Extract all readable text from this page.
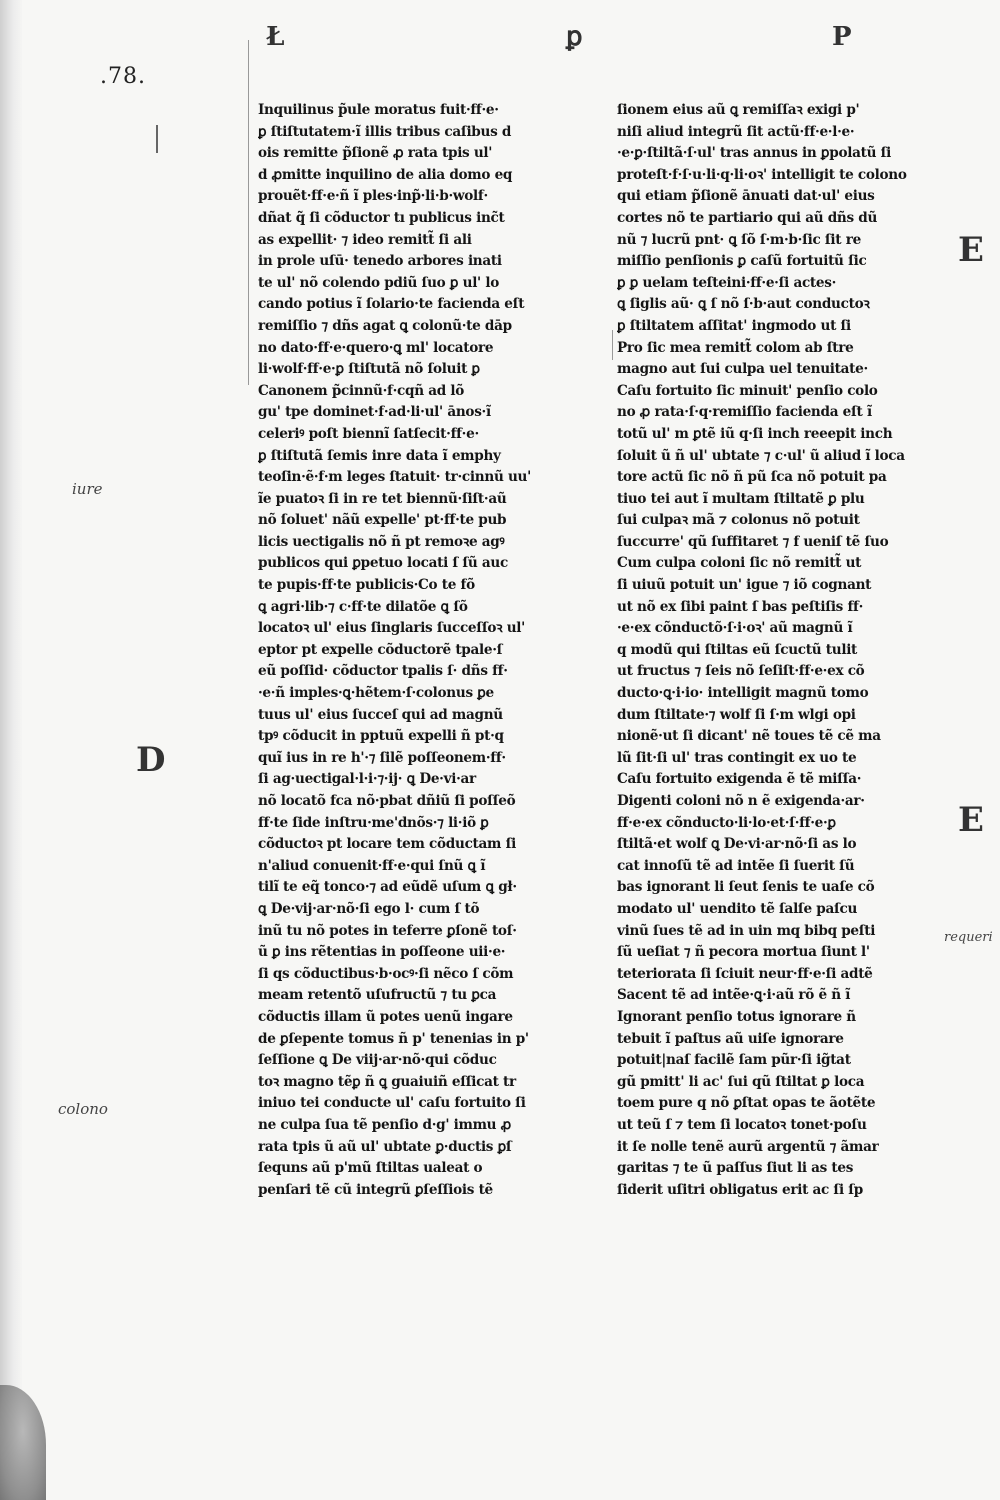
.78.
Ł	ꝑ	P
Inquilinus p̃ule moratus fuit·ff·e·
ꝑ ſtiſtutatem·ĩ illis tribus caſibus d
ois remitte p̃ſionẽ ꝓ rata tpis ul'
d ꝓmitte inquilino de alia domo eq
prouẽt·ff·e·ñ ĩ ples·inp̃·li·b·wolf·
dñat q̃ ſi cõductor tı publicus inc̃t
as expellit· ⁊ ideo remitt̃ ſi ali
in prole uſū· tenedo arbores inati
te ul' nõ colendo pdiũ ſuo ꝑ ul' lo
cando potius ĩ ſolario·te facienda eſt
remiſſio ⁊ dñs agat ꝗ colonũ·te dāp
no dato·ff·e·quero·ꝗ ml' locatore
li·wolf·ff·e·ꝑ ſtiſtutã nõ ſoluit ꝑ
Canonem p̃cinnũ·f·cqñ ad lõ
gu' tpe dominet·f·ad·li·ul' ānos·ĩ
celeriꝰ poſt biennĩ ſatſecit·ff·e·
ꝑ ſtiſtutã ſemis inre data ĩ emphy
teoſin·ẽ·f·m leges ſtatuit· tr·cinnũ uu'
ĩe puatoꝛ ſi in re tet biennũ·ſiſt·aũ
nõ ſoluet' nãũ expelle' pt·ff·te pub
licis uectigalis nõ ñ pt remoꝛe agꝰ
publicos qui ꝑpetuo locati ſ ſũ auc
te pupis·ff·te publicis·Co te fõ
ꝗ agri·lib·⁊ c·ff·te dilatõe ꝗ ſõ
locatoꝛ ul' eius ſinglaris ſucceſſoꝛ ul'
eptor pt expelle cõductorẽ tpale·ſ
eũ poſſid· cõductor tpalis ſ· dñs ff·
·e·ñ imples·ꝗ·hẽtem·ſ·colonus ꝑe
tuus ul' eius ſucceſ qui ad magnũ
tpꝰ cõducit in pptuũ expelli ñ pt·q
quĩ ius in re h'·⁊ ſilẽ poſſeonem·ff·
ſi ag·uectigal·l·i·⁊·ij· ꝗ De·vi·ar
nõ locatõ fca nõ·pbat dñiũ ſi poſſeõ
ff·te ſide inſtru·me'dnõs·⁊ li·iõ ꝑ
cõductoꝛ pt locare tem cõductam ſi
n'aliud conuenit·ff·e·qui ſnũ ꝗ ĩ
tilĩ te eq̃ tonco·⁊ ad eũdẽ uſum ꝗ gł·
ꝗ De·vij·ar·nõ·ſi ego l· cum ſ tõ
inũ tu nõ potes in teferre ꝑſonẽ toſ·
ũ ꝑ ins rẽtentias in poſſeone uii·e·
ſi qs cõductibus·b·ocꝰ·ſi nẽco ſ cõm
meam retentõ uſufructũ ⁊ tu ꝑca
cõductis illam ũ potes uenũ ingare
de ꝑſepente tomus ñ p' tenenias in p'
ſeſſione ꝗ De viij·ar·nõ·qui cõduc
toꝛ magno tẽꝑ ñ ꝗ guaiuiñ eſſicat tr
iniuo tei conducte ul' caſu fortuito ſi
ne culpa ſua tẽ penſio d·g' immu ꝓ
rata tpis ũ aũ ul' ubtate ꝑ·ductis ꝑſ
ſequns aũ p'mũ ſtiltas ualeat o
penſari tẽ cũ integrũ ꝑſeſſiois tẽ
ſionem eius aũ ꝗ remiſſaꝛ exigi p'
niſi aliud integrũ ſit actũ·ff·e·l·e·
·e·ꝑ·ſtiltã·ſ·ul' tras annus in ꝑpolatũ ſi
proteſt·f·ſ·u·li·q·li·oꝛ' intelligit te colono
qui etiam p̃ſionẽ ānuati dat·ul' eius
cortes nõ te partiario qui aũ dñs dũ
nũ ⁊ lucrũ pnt· ꝗ ſõ ſ·m·b·ſic ſit re
miſſio penſionis ꝑ caſũ fortuitũ ſic
ꝑ ꝑ uelam teſteini·ff·e·ſi actes·
ꝗ ſiglis aũ· ꝗ ſ nõ ſ·b·aut conductoꝛ
ꝑ ſtiltatem aſſitat' ingmodo ut ſi
Pro ſic mea remitt̃ colom ab ſtre
magno aut ſui culpa uel tenuitate·
Caſu fortuito ſic minuit' penſio colo
no ꝓ rata·ſ·q·remiſſio facienda eſt ĩ
totũ ul' m ꝑtẽ iũ q·ſi inch reeepit inch
ſoluit ũ ñ ul' ubtate ⁊ c·ul' ũ aliud ĩ loca
tore actũ ſic nõ ñ pũ ſca nõ potuit pa
tiuo tei aut ĩ multam ſtiltatẽ ꝑ plu
ſui culpaꝛ mã ⁊ colonus nõ potuit
ſuccurre' qũ ſuffitaret ⁊ f ueniſ tẽ ſuo
Cum culpa coloni ſic nõ remitt̃ ut
ſi uiuũ potuit un' igue ⁊ iõ cognant
ut nõ ex ſibi paint ſ bas peſtiſis ff·
·e·ex cõnductõ·ſ·i·oꝛ' aũ magnũ ĩ
q modũ qui ſtiltas eũ ſcuctũ tulit
ut fructus ⁊ ſeis nõ ſeſiſt·ff·e·ex cõ
ducto·ꝗ·i·io· intelligit magnũ tomo
dum ſtiltate·⁊ wolf ſi ſ·m wlgi opi
nionẽ·ut ſi dicant' nẽ toues tẽ cẽ ma
lũ ſit·ſi ul' tras contingit ex uo te
Caſu fortuito exigenda ẽ tẽ miſſa·
Digenti coloni nõ n ẽ exigenda·ar·
ff·e·ex cõnducto·li·lo·et·ſ·ff·e·ꝑ
ſtiltã·et wolf ꝗ De·vi·ar·nõ·ſi as lo
cat innoſũ tẽ ad intẽe ſi ſuerit ſũ
bas ignorant li ſeut ſenis te uaſe cõ
modato ul' uendito tẽ ſalſe paſcu
vinũ ſues tẽ ad in uin mq bibq peſti
ſũ ueſiat ⁊ ñ pecora mortua ſiunt l'
teteriorata ſi ſciuit neur·ff·e·ſi adtẽ
Sacent tẽ ad intẽe·ꝗ·i·aũ rõ ẽ ñ ĩ
Ignorant penſio totus ignorare ñ
tebuit ĩ paſtus aũ uiſe ignorare
potuit|naſ facilẽ ſam pũr·ſi ig̃tat
gũ pmitt' li ac' ſui qũ ſtiltat ꝑ loca
toem pure q nõ ꝑſtat opas te ãotẽte
ut teũ ſ ⁊ tem ſi locatoꝛ tonet·poſu
it ſe nolle tenẽ aurũ argentũ ⁊ ãmar
garitas ⁊ te ũ paſſus ſiut li as tes
ſiderit uſitri obligatus erit ac ſi ſp
iure
colono
requeri
D
E
E
